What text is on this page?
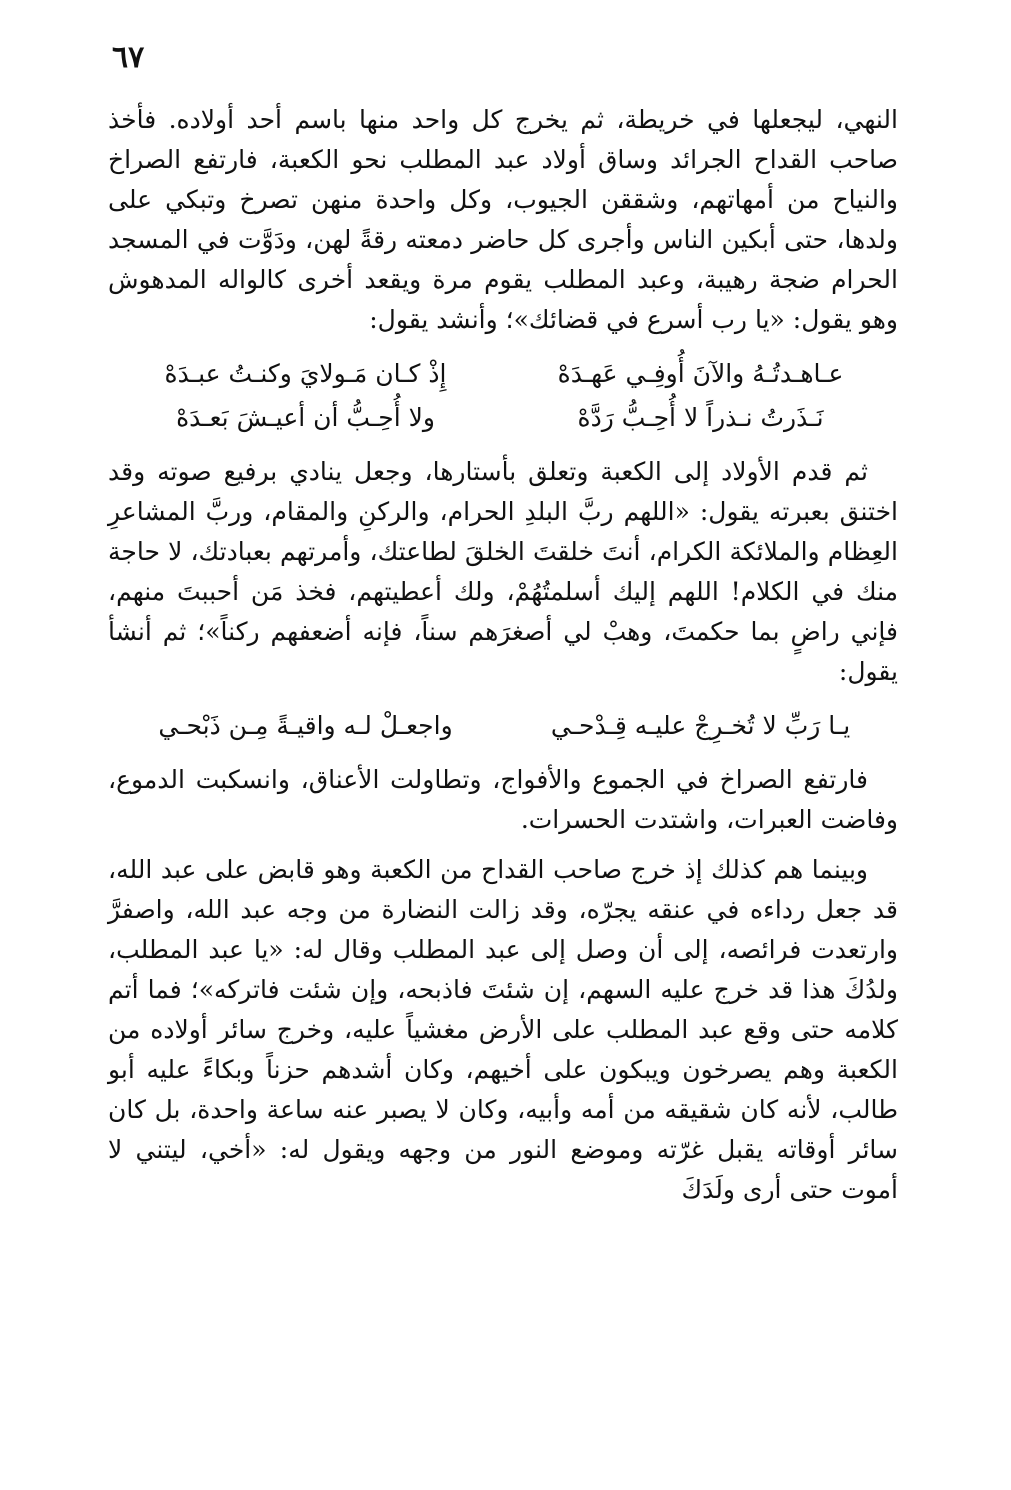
٦٧

النهي، ليجعلها في خريطة، ثم يخرج كل واحد منها باسم أحد أولاده. فأخذ صاحب القداح الجرائد وساق أولاد عبد المطلب نحو الكعبة، فارتفع الصراخ والنياح من أمهاتهم، وشققن الجيوب، وكل واحدة منهن تصرخ وتبكي على ولدها، حتى أبكين الناس وأجرى كل حاضر دمعته رقةً لهن، ودَوَّت في المسجد الحرام ضجة رهيبة، وعبد المطلب يقوم مرة ويقعد أخرى كالواله المدهوش وهو يقول: «يا رب أسرع في قضائك»؛ وأنشد يقول:

عـاهـدتُـهُ والآنَ أُوفِـي عَهـدَهْ
إِذْ كـان مَـولايَ وكنـتُ عبـدَهْ
نَـذَرتُ نـذراً لا أُحِـبُّ رَدَّهْ
ولا أُحِـبُّ أن أعيـشَ بَعـدَهْ

ثم قدم الأولاد إلى الكعبة وتعلق بأستارها، وجعل ينادي برفيع صوته وقد اختنق بعبرته يقول: «اللهم ربَّ البلدِ الحرام، والركنِ والمقام، وربَّ المشاعرِ العِظام والملائكة الكرام، أنتَ خلقتَ الخلقَ لطاعتك، وأمرتهم بعبادتك، لا حاجة منك في الكلام! اللهم إليك أسلمتُهُمْ، ولك أعطيتهم، فخذ مَن أحببتَ منهم، فإني راضٍ بما حكمتَ، وهبْ لي أصغرَهم سناً، فإنه أضعفهم ركناً»؛ ثم أنشأ يقول:

يـا رَبِّ لا تُخـرِجْ عليـه قِـدْحـي
واجعـلْ لـه واقيـةً مِـن ذَبْحـي

فارتفع الصراخ في الجموع والأفواج، وتطاولت الأعناق، وانسكبت الدموع، وفاضت العبرات، واشتدت الحسرات.

وبينما هم كذلك إذ خرج صاحب القداح من الكعبة وهو قابض على عبد الله، قد جعل رداءه في عنقه يجرّه، وقد زالت النضارة من وجه عبد الله، واصفرَّ وارتعدت فرائصه، إلى أن وصل إلى عبد المطلب وقال له: «يا عبد المطلب، ولدُكَ هذا قد خرج عليه السهم، إن شئتَ فاذبحه، وإن شئت فاتركه»؛ فما أتم كلامه حتى وقع عبد المطلب على الأرض مغشياً عليه، وخرج سائر أولاده من الكعبة وهم يصرخون ويبكون على أخيهم، وكان أشدهم حزناً وبكاءً عليه أبو طالب، لأنه كان شقيقه من أمه وأبيه، وكان لا يصبر عنه ساعة واحدة، بل كان سائر أوقاته يقبل غرّته وموضع النور من وجهه ويقول له: «أخي، ليتني لا أموت حتى أرى ولَدَكَ
